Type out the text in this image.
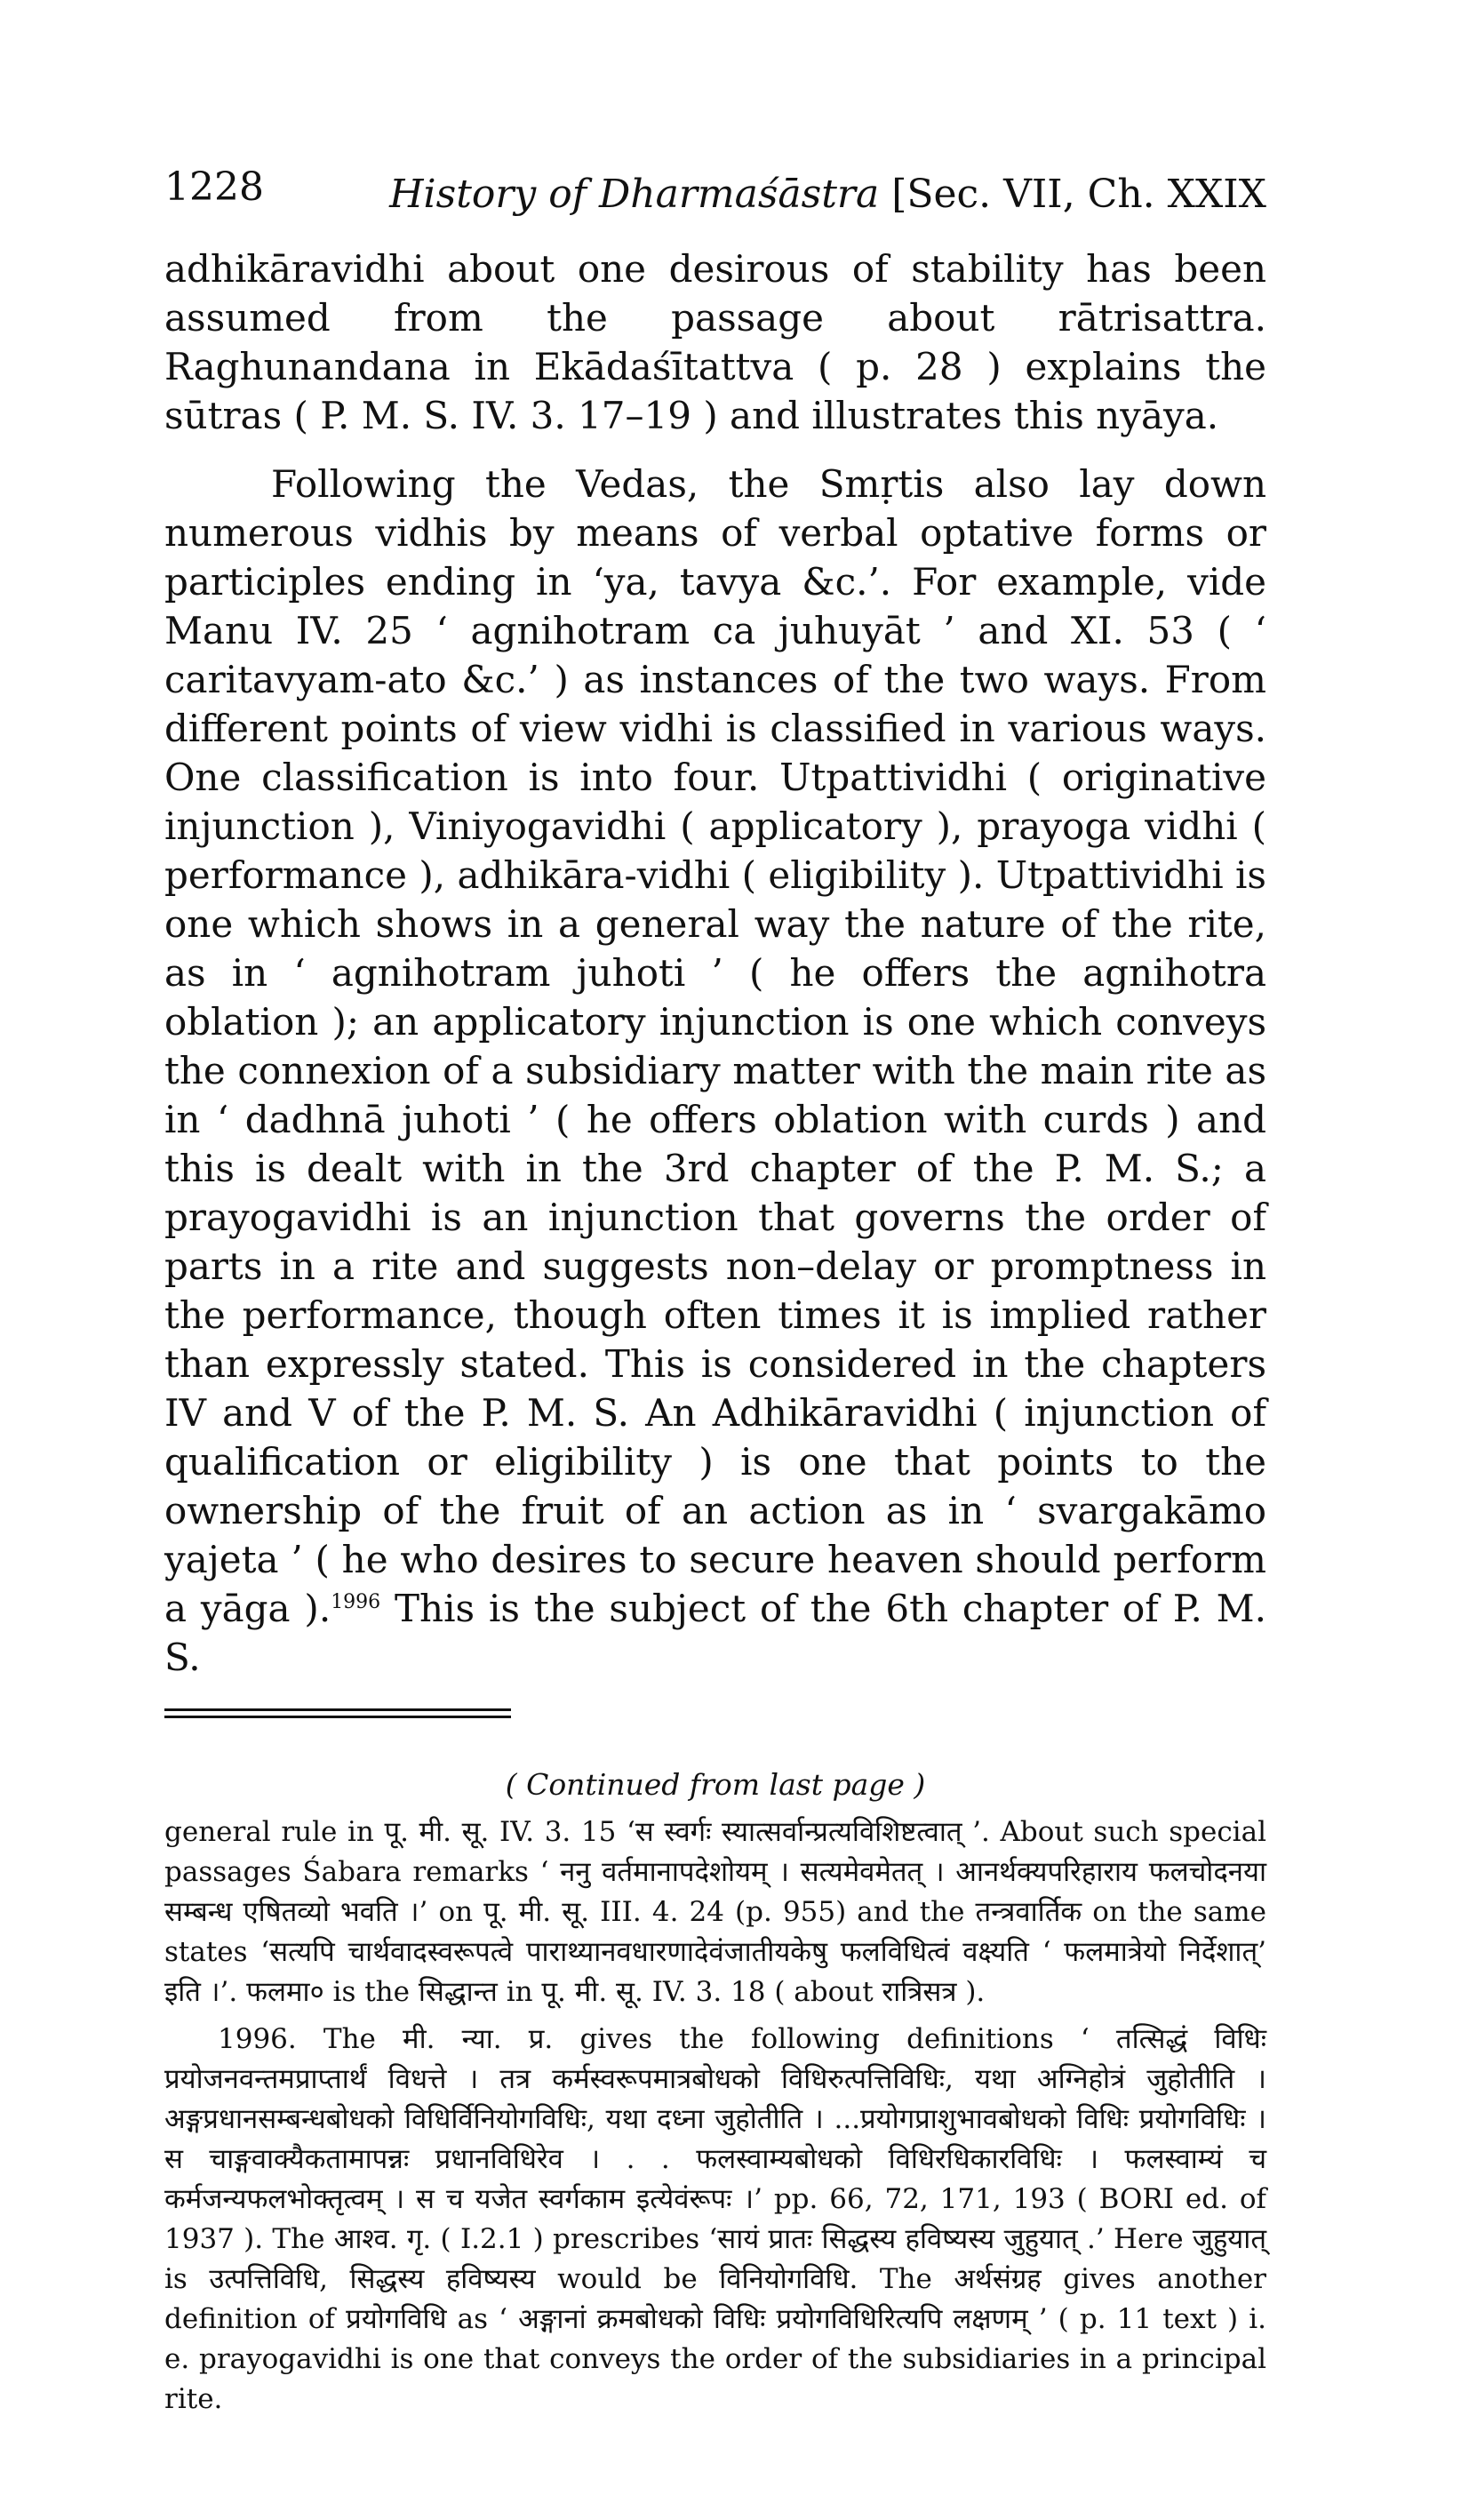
1228	History of Dharmaśāstra [Sec. VII, Ch. XXIX

adhikāravidhi about one desirous of stability has been assumed from the passage about rātrisattra. Raghunandana in Ekādaśītattva ( p. 28 ) explains the sūtras ( P. M. S. IV. 3. 17–19 ) and illustrates this nyāya.

Following the Vedas, the Smṛtis also lay down numerous vidhis by means of verbal optative forms or participles ending in ‘ya, tavya &c.’. For example, vide Manu IV. 25 ‘ agnihotram ca juhuyāt ’ and XI. 53 ( ‘ caritavyam-ato &c.’ ) as instances of the two ways. From different points of view vidhi is classified in various ways. One classification is into four. Utpattividhi ( originative injunction ), Viniyogavidhi ( applicatory ), prayoga vidhi ( performance ), adhikāra-vidhi ( eligibility ). Utpattividhi is one which shows in a general way the nature of the rite, as in ‘ agnihotram juhoti ’ ( he offers the agnihotra oblation ); an applicatory injunction is one which conveys the connexion of a subsidiary matter with the main rite as in ‘ dadhnā juhoti ’ ( he offers oblation with curds ) and this is dealt with in the 3rd chapter of the P. M. S.; a prayogavidhi is an injunction that governs the order of parts in a rite and suggests non–delay or promptness in the performance, though often times it is implied rather than expressly stated. This is considered in the chapters IV and V of the P. M. S. An Adhikāravidhi ( injunction of qualification or eligibility ) is one that points to the ownership of the fruit of an action as in ‘ svargakāmo yajeta ’ ( he who desires to secure heaven should perform a yāga ).$^{1996}$ This is the subject of the 6th chapter of P. M. S.

( Continued from last page )

general rule in पू. मी. सू. IV. 3. 15 ‘स स्वर्गः स्यात्सर्वान्प्रत्यविशिष्टत्वात् ’. About such special passages Śabara remarks ‘ ननु वर्तमानापदेशोयम् । सत्यमेवमेतत् । आनर्थक्यपरिहाराय फलचोदनया सम्बन्ध एषितव्यो भवति ।’ on पू. मी. सू. III. 4. 24 (p. 955) and the तन्त्रवार्तिक on the same states ‘सत्यपि चार्थवादस्वरूपत्वे पाराथ्यानवधारणादेवंजातीयकेषु फलविधित्वं वक्ष्यति ‘ फलमात्रेयो निर्देशात्’ इति ।’. फलमा० is the सिद्धान्त in पू. मी. सू. IV. 3. 18 ( about रात्रिसत्र ).

1996. The मी. न्या. प्र. gives the following definitions ‘ तत्सिद्धं विधिः प्रयोजनवन्तमप्राप्तार्थं विधत्ते । तत्र कर्मस्वरूपमात्रबोधको विधिरुत्पत्तिविधिः, यथा अग्निहोत्रं जुहोतीति । अङ्गप्रधानसम्बन्धबोधको विधिर्विनियोगविधिः, यथा दध्ना जुहोतीति । ...प्रयोगप्राशुभावबोधको विधिः प्रयोगविधिः । स चाङ्गवाक्यैकतामापन्नः प्रधानविधिरेव । . . फलस्वाम्यबोधको विधिरधिकारविधिः । फलस्वाम्यं च कर्मजन्यफलभोक्तृत्वम् । स च यजेत स्वर्गकाम इत्येवंरूपः ।’ pp. 66, 72, 171, 193 ( BORI ed. of 1937 ). The आश्व. गृ. ( I.2.1 ) prescribes ‘सायं प्रातः सिद्धस्य हविष्यस्य जुहुयात् .’ Here जुहुयात् is उत्पत्तिविधि, सिद्धस्य हविष्यस्य would be विनियोगविधि. The अर्थसंग्रह gives another definition of प्रयोगविधि as ‘ अङ्गानां क्रमबोधको विधिः प्रयोगविधिरित्यपि लक्षणम् ’ ( p. 11 text ) i. e. prayogavidhi is one that conveys the order of the subsidiaries in a principal rite.
